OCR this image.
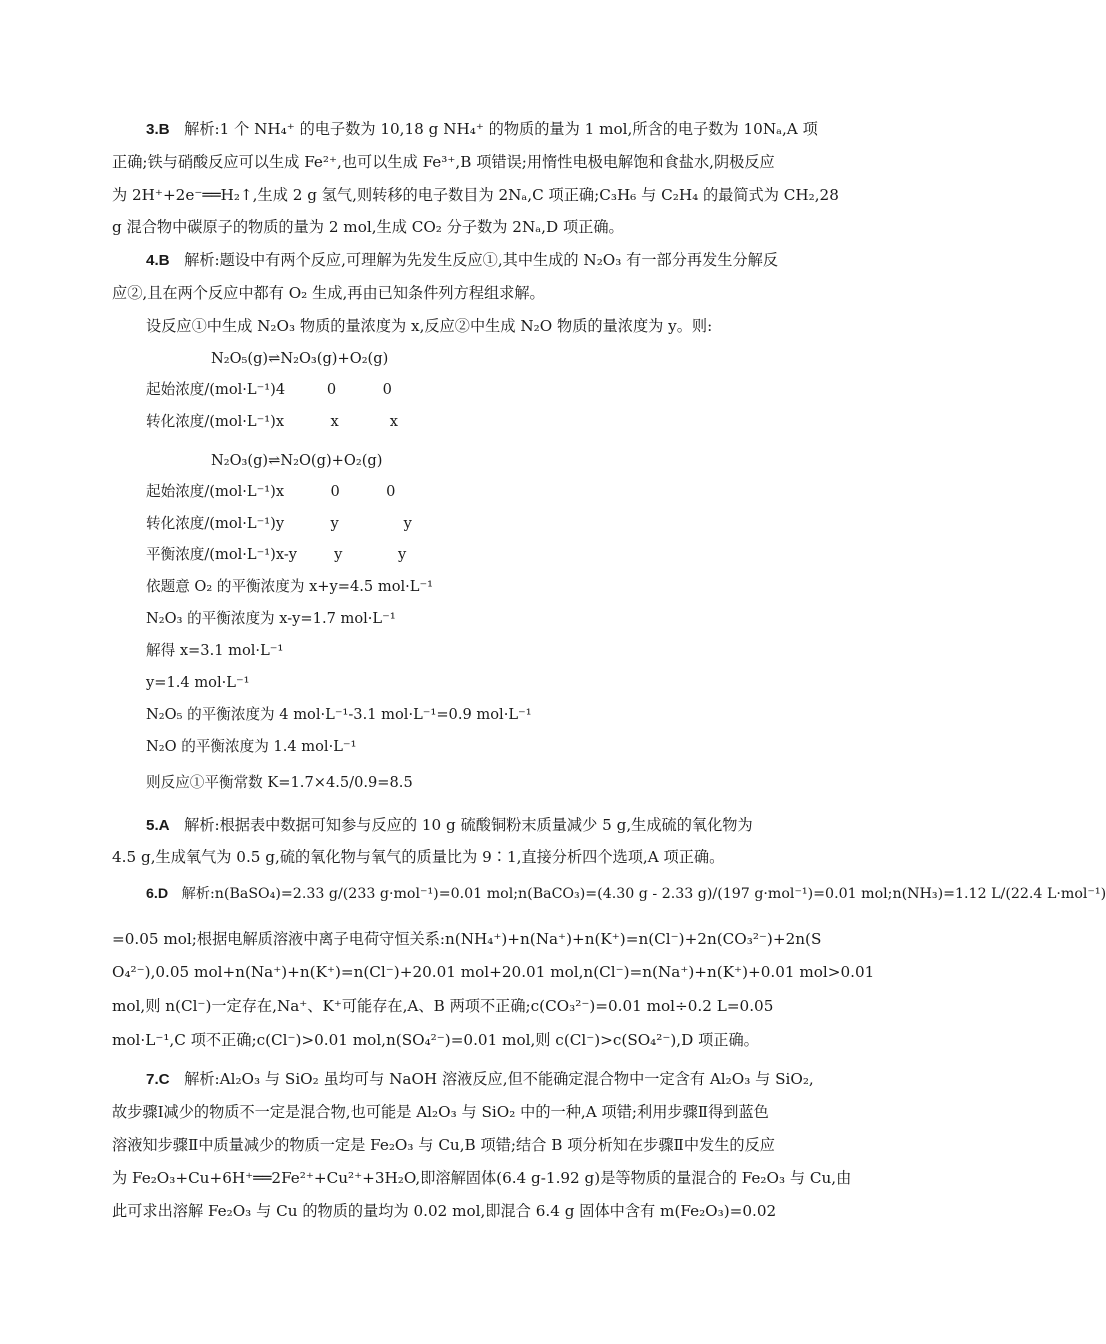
3.B 解析:1 个 NH₄⁺ 的电子数为 10,18 g NH₄⁺ 的物质的量为 1 mol,所含的电子数为 10Nₐ,A 项
正确;铁与硝酸反应可以生成 Fe²⁺,也可以生成 Fe³⁺,B 项错误;用惰性电极电解饱和食盐水,阴极反应
为 2H⁺+2e⁻══H₂↑,生成 2 g 氢气,则转移的电子数目为 2Nₐ,C 项正确;C₃H₆ 与 C₂H₄ 的最简式为 CH₂,28
g 混合物中碳原子的物质的量为 2 mol,生成 CO₂ 分子数为 2Nₐ,D 项正确。
4.B 解析:题设中有两个反应,可理解为先发生反应①,其中生成的 N₂O₃ 有一部分再发生分解反
应②,且在两个反应中都有 O₂ 生成,再由已知条件列方程组求解。
设反应①中生成 N₂O₃ 物质的量浓度为 x,反应②中生成 N₂O 物质的量浓度为 y。则:
N₂O₅(g)⇌N₂O₃(g)+O₂(g)
起始浓度/(mol·L⁻¹)4         0          0
转化浓度/(mol·L⁻¹)x          x           x
N₂O₃(g)⇌N₂O(g)+O₂(g)
起始浓度/(mol·L⁻¹)x          0          0
转化浓度/(mol·L⁻¹)y          y              y
平衡浓度/(mol·L⁻¹)x-y        y            y
依题意 O₂ 的平衡浓度为 x+y=4.5 mol·L⁻¹
N₂O₃ 的平衡浓度为 x-y=1.7 mol·L⁻¹
解得 x=3.1 mol·L⁻¹
y=1.4 mol·L⁻¹
N₂O₅ 的平衡浓度为 4 mol·L⁻¹-3.1 mol·L⁻¹=0.9 mol·L⁻¹
N₂O 的平衡浓度为 1.4 mol·L⁻¹
则反应①平衡常数 K=1.7×4.5/0.9=8.5
5.A 解析:根据表中数据可知参与反应的 10 g 硫酸铜粉末质量减少 5 g,生成硫的氧化物为
4.5 g,生成氧气为 0.5 g,硫的氧化物与氧气的质量比为 9∶1,直接分析四个选项,A 项正确。
6.D 解析:n(BaSO₄)=2.33 g/(233 g·mol⁻¹)=0.01 mol;n(BaCO₃)=(4.30 g - 2.33 g)/(197 g·mol⁻¹)=0.01 mol;n(NH₃)=1.12 L/(22.4 L·mol⁻¹)
=0.05 mol;根据电解质溶液中离子电荷守恒关系:n(NH₄⁺)+n(Na⁺)+n(K⁺)=n(Cl⁻)+2n(CO₃²⁻)+2n(S
O₄²⁻),0.05 mol+n(Na⁺)+n(K⁺)=n(Cl⁻)+20.01 mol+20.01 mol,n(Cl⁻)=n(Na⁺)+n(K⁺)+0.01 mol>0.01
mol,则 n(Cl⁻)一定存在,Na⁺、K⁺可能存在,A、B 两项不正确;c(CO₃²⁻)=0.01 mol÷0.2 L=0.05
mol·L⁻¹,C 项不正确;c(Cl⁻)>0.01 mol,n(SO₄²⁻)=0.01 mol,则 c(Cl⁻)>c(SO₄²⁻),D 项正确。
7.C 解析:Al₂O₃ 与 SiO₂ 虽均可与 NaOH 溶液反应,但不能确定混合物中一定含有 Al₂O₃ 与 SiO₂,
故步骤Ⅰ减少的物质不一定是混合物,也可能是 Al₂O₃ 与 SiO₂ 中的一种,A 项错;利用步骤Ⅱ得到蓝色
溶液知步骤Ⅱ中质量减少的物质一定是 Fe₂O₃ 与 Cu,B 项错;结合 B 项分析知在步骤Ⅱ中发生的反应
为 Fe₂O₃+Cu+6H⁺══2Fe²⁺+Cu²⁺+3H₂O,即溶解固体(6.4 g-1.92 g)是等物质的量混合的 Fe₂O₃ 与 Cu,由
此可求出溶解 Fe₂O₃ 与 Cu 的物质的量均为 0.02 mol,即混合 6.4 g 固体中含有 m(Fe₂O₃)=0.02
